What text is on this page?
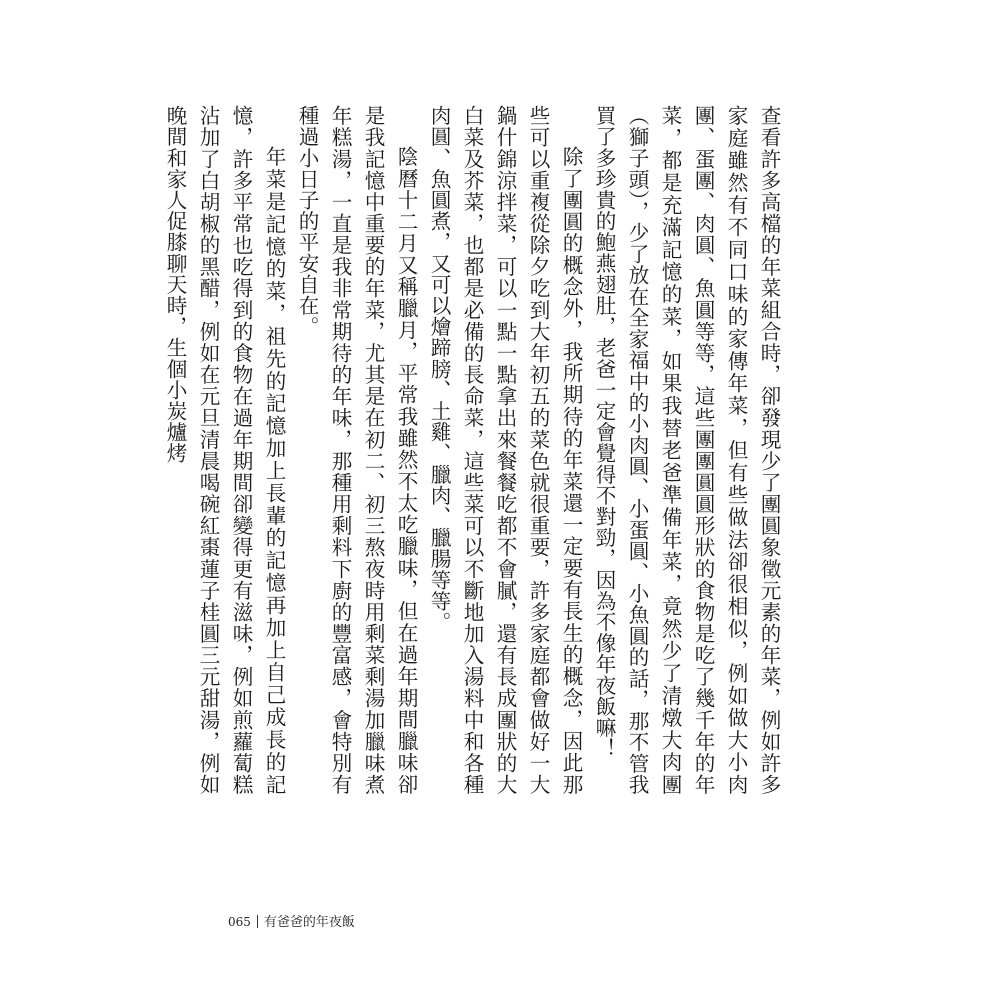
查看許多高檔的年菜組合時，卻發現少了團圓象徵元素的年菜，例如許多家庭雖然有不同口味的家傳年菜，但有些做法卻很相似，例如做大小肉團、蛋團、肉圓、魚圓等等，這些團團圓圓形狀的食物是吃了幾千年的年菜，都是充滿記憶的菜，如果我替老爸準備年菜，竟然少了清燉大肉團（獅子頭），少了放在全家福中的小肉圓、小蛋圓、小魚圓的話，那不管我買了多珍貴的鮑燕翅肚，老爸一定會覺得不對勁，因為不像年夜飯嘛！

除了團圓的概念外，我所期待的年菜還一定要有長生的概念，因此那些可以重複從除夕吃到大年初五的菜色就很重要，許多家庭都會做好一大鍋什錦涼拌菜，可以一點一點拿出來餐餐吃都不會膩，還有長成團狀的大白菜及芥菜，也都是必備的長命菜，這些菜可以不斷地加入湯料中和各種肉圓、魚圓煮，又可以燴蹄膀、土雞、臘肉、臘腸等等。

陰曆十二月又稱臘月，平常我雖然不太吃臘味，但在過年期間臘味卻是我記憶中重要的年菜，尤其是在初二、初三熬夜時用剩菜剩湯加臘味煮年糕湯，一直是我非常期待的年味，那種用剩料下廚的豐富感，會特別有種過小日子的平安自在。

年菜是記憶的菜，祖先的記憶加上長輩的記憶再加上自己成長的記憶，許多平常也吃得到的食物在過年期間卻變得更有滋味，例如煎蘿蔔糕沾加了白胡椒的黑醋，例如在元旦清晨喝碗紅棗蓮子桂圓三元甜湯，例如晚間和家人促膝聊天時，生個小炭爐烤

065 有爸爸的年夜飯
